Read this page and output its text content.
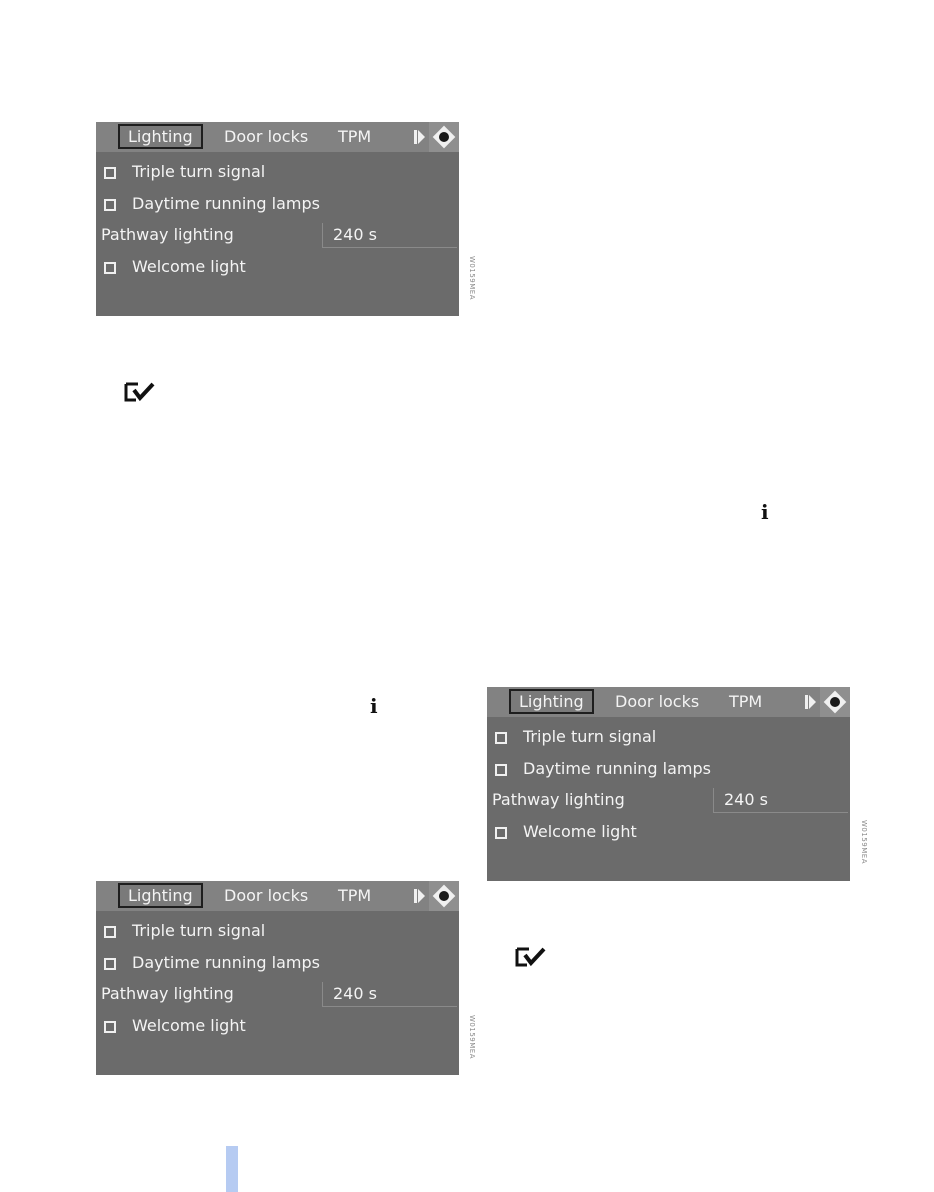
Lighting	Door locks TPM
Triple turn signal
Daytime running lamps
Pathway lighting	240 s
Welcome light	W0159MEA
i
i	Lighting	Door locks TPM
Triple turn signal
Daytime running lamps
Pathway lighting	240 s
Welcome light	W0159MEA
Lighting	Door locks TPM
Triple turn signal
Daytime running lamps
Pathway lighting	240 s
Welcome light	W0159MEA
